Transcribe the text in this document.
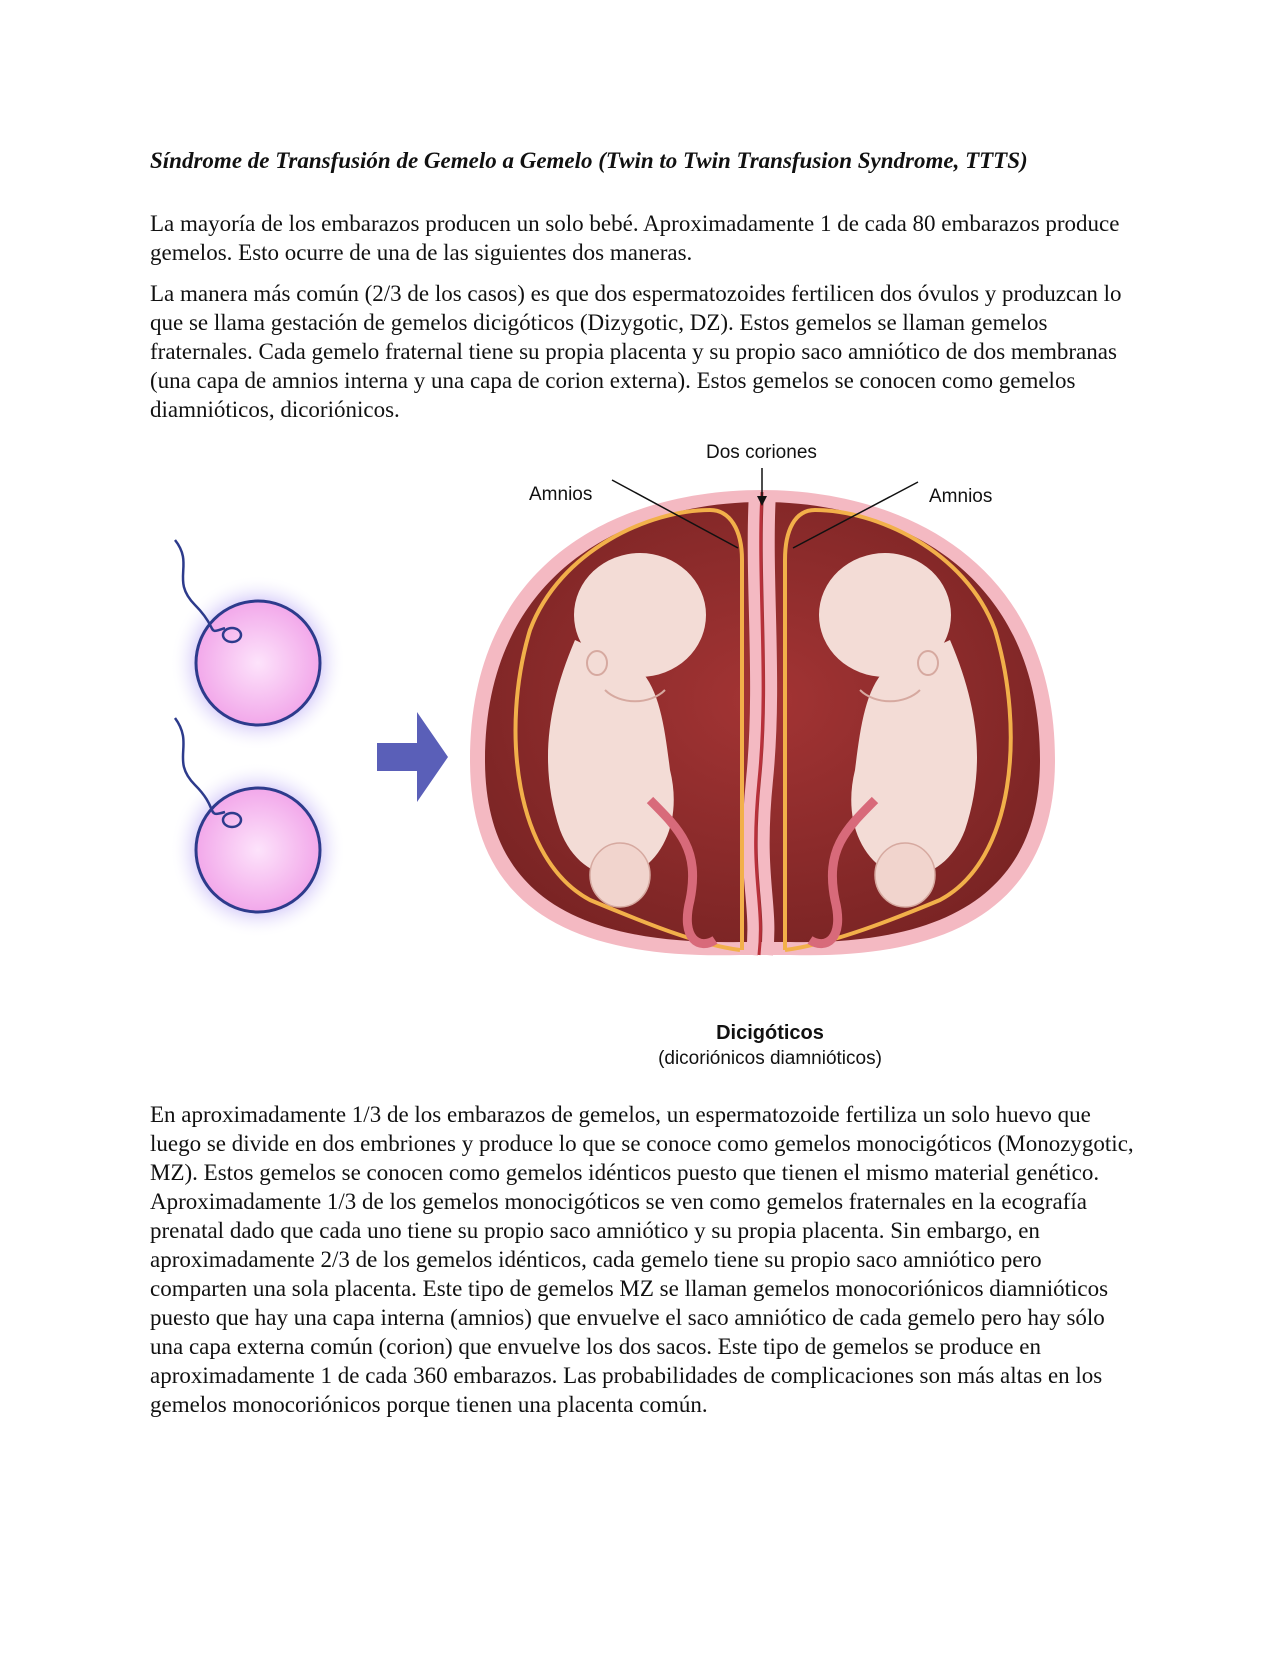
Síndrome de Transfusión de Gemelo a Gemelo (Twin to Twin Transfusion Syndrome, TTTS)

La mayoría de los embarazos producen un solo bebé. Aproximadamente 1 de cada 80 embarazos produce gemelos. Esto ocurre de una de las siguientes dos maneras.

La manera más común (2/3 de los casos) es que dos espermatozoides fertilicen dos óvulos y produzcan lo que se llama gestación de gemelos dicigóticos (Dizygotic, DZ). Estos gemelos se llaman gemelos fraternales. Cada gemelo fraternal tiene su propia placenta y su propio saco amniótico de dos membranas (una capa de amnios interna y una capa de corion externa). Estos gemelos se conocen como gemelos diamnióticos, dicoriónicos.

Dos coriones
Amnios	Amnios
Dicigóticos
(dicoriónicos diamnióticos)

En aproximadamente 1/3 de los embarazos de gemelos, un espermatozoide fertiliza un solo huevo que luego se divide en dos embriones y produce lo que se conoce como gemelos monocigóticos (Monozygotic, MZ). Estos gemelos se conocen como gemelos idénticos puesto que tienen el mismo material genético. Aproximadamente 1/3 de los gemelos monocigóticos se ven como gemelos fraternales en la ecografía prenatal dado que cada uno tiene su propio saco amniótico y su propia placenta. Sin embargo, en aproximadamente 2/3 de los gemelos idénticos, cada gemelo tiene su propio saco amniótico pero comparten una sola placenta. Este tipo de gemelos MZ se llaman gemelos monocoriónicos diamnióticos puesto que hay una capa interna (amnios) que envuelve el saco amniótico de cada gemelo pero hay sólo una capa externa común (corion) que envuelve los dos sacos. Este tipo de gemelos se produce en aproximadamente 1 de cada 360 embarazos. Las probabilidades de complicaciones son más altas en los gemelos monocoriónicos porque tienen una placenta común.
